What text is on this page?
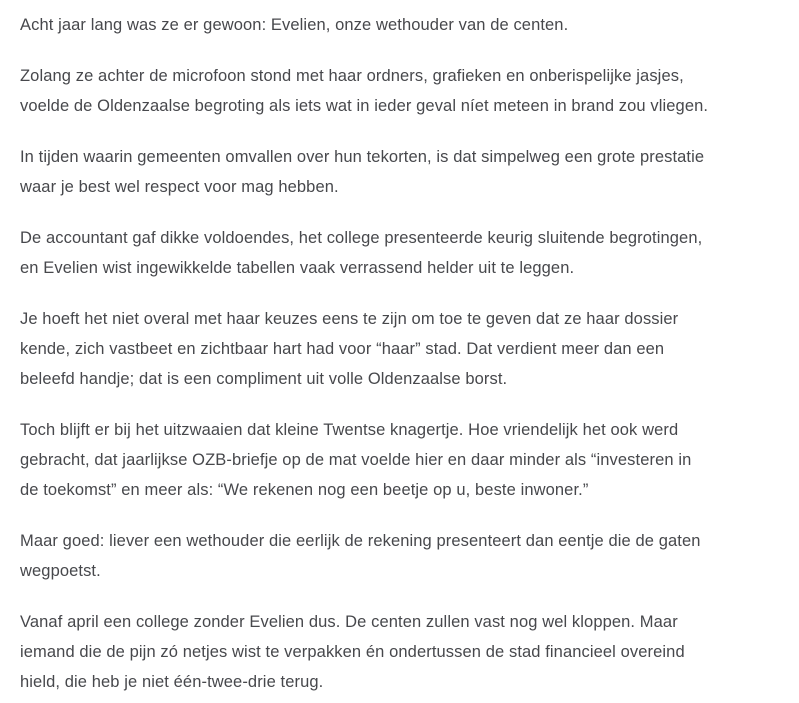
Acht jaar lang was ze er gewoon: Evelien, onze wethouder van de centen.

Zolang ze achter de microfoon stond met haar ordners, grafieken en onberispelijke jasjes,
voelde de Oldenzaalse begroting als iets wat in ieder geval níet meteen in brand zou vliegen.

In tijden waarin gemeenten omvallen over hun tekorten, is dat simpelweg een grote prestatie
waar je best wel respect voor mag hebben.

De accountant gaf dikke voldoendes, het college presenteerde keurig sluitende begrotingen,
en Evelien wist ingewikkelde tabellen vaak verrassend helder uit te leggen.

Je hoeft het niet overal met haar keuzes eens te zijn om toe te geven dat ze haar dossier
kende, zich vastbeet en zichtbaar hart had voor “haar” stad. Dat verdient meer dan een
beleefd handje; dat is een compliment uit volle Oldenzaalse borst.

Toch blijft er bij het uitzwaaien dat kleine Twentse knagertje. Hoe vriendelijk het ook werd
gebracht, dat jaarlijkse OZB-briefje op de mat voelde hier en daar minder als “investeren in
de toekomst” en meer als: “We rekenen nog een beetje op u, beste inwoner.”

Maar goed: liever een wethouder die eerlijk de rekening presenteert dan eentje die de gaten
wegpoetst.

Vanaf april een college zonder Evelien dus. De centen zullen vast nog wel kloppen. Maar
iemand die de pijn zó netjes wist te verpakken én ondertussen de stad financieel overeind
hield, die heb je niet één-twee-drie terug.
